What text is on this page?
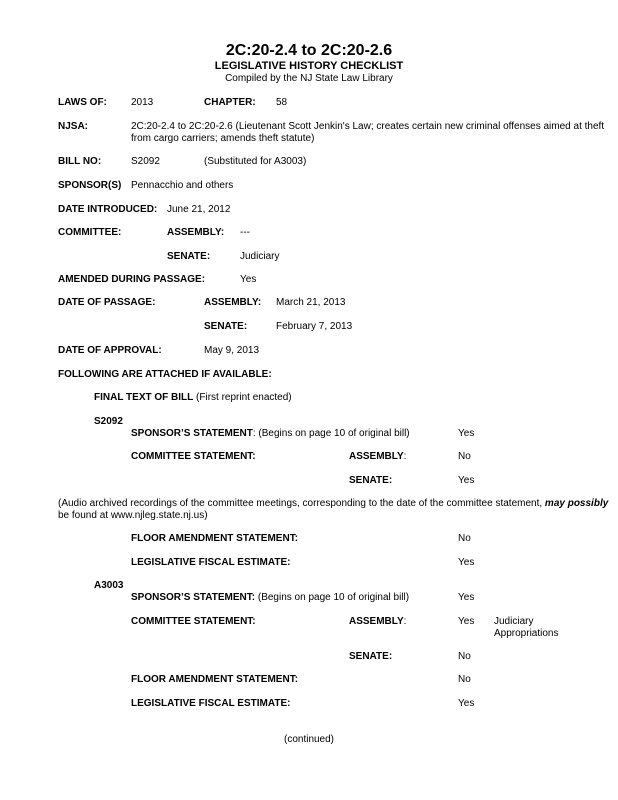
2C:20-2.4 to 2C:20-2.6
LEGISLATIVE HISTORY CHECKLIST
Compiled by the NJ State Law Library
LAWS OF: 2013	CHAPTER: 58
NJSA:	2C:20-2.4 to 2C:20-2.6 (Lieutenant Scott Jenkin's Law; creates certain new criminal offenses aimed at theft
from cargo carriers; amends theft statute)
BILL NO:	S2092	(Substituted for A3003)
SPONSOR(S) Pennacchio and others
DATE INTRODUCED: June 21, 2012
COMMITTEE:	ASSEMBLY: ---
SENATE:	Judiciary
AMENDED DURING PASSAGE:	Yes
DATE OF PASSAGE:	ASSEMBLY: March 21, 2013
SENATE:	February 7, 2013
DATE OF APPROVAL:	May 9, 2013
FOLLOWING ARE ATTACHED IF AVAILABLE:
FINAL TEXT OF BILL (First reprint enacted)
S2092
SPONSOR’S STATEMENT: (Begins on page 10 of original bill)	Yes
COMMITTEE STATEMENT:	ASSEMBLY:	No
SENATE:	Yes
(Audio archived recordings of the committee meetings, corresponding to the date of the committee statement, may possibly
be found at www.njleg.state.nj.us)
FLOOR AMENDMENT STATEMENT:	No
LEGISLATIVE FISCAL ESTIMATE:	Yes
A3003
SPONSOR’S STATEMENT: (Begins on page 10 of original bill)	Yes
COMMITTEE STATEMENT:	ASSEMBLY:	Yes Judiciary
Appropriations
SENATE:	No
FLOOR AMENDMENT STATEMENT:	No
LEGISLATIVE FISCAL ESTIMATE:	Yes
(continued)
